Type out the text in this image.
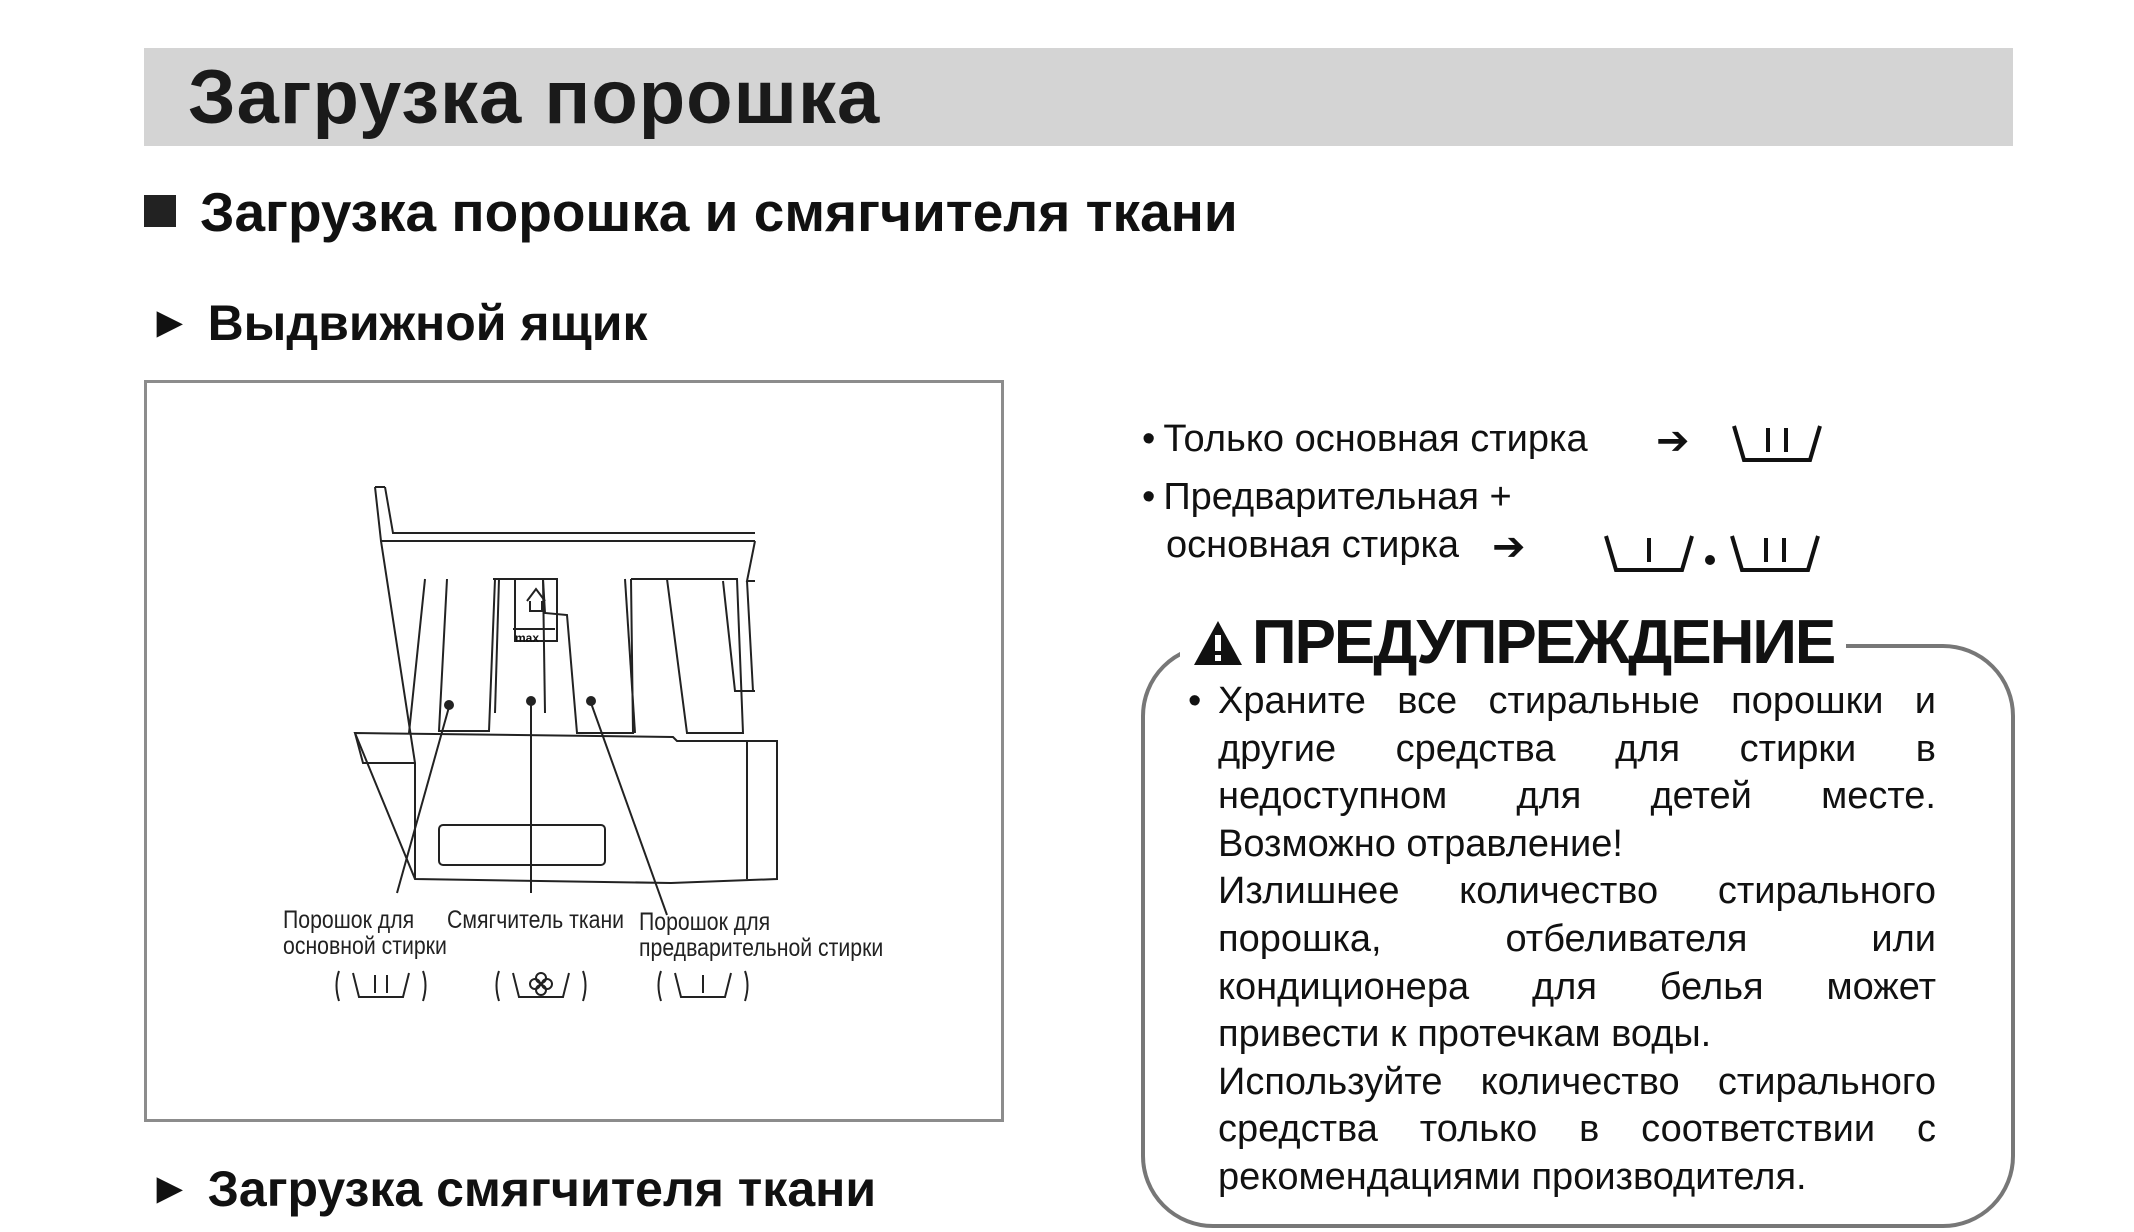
Загрузка порошка
Загрузка порошка и смягчителя ткани
► Выдвижной ящик
max
Порошок для
основной стирки
Смягчитель ткани Порошок для
предварительной стирки
► Загрузка смягчителя ткани
• Только основная стирка ➔
• Предварительная +
основная стирка ➔
ПРЕДУПРЕЖДЕНИЕ
• Храните все стиральные порошки и другие средства для стирки в недоступном для детей месте. Возможно отравление!
Излишнее количество стирального порошка, отбеливателя или кондиционера для белья может привести к протечкам воды.
Используйте количество стирального средства только в соответствии с рекомендациями производителя.
